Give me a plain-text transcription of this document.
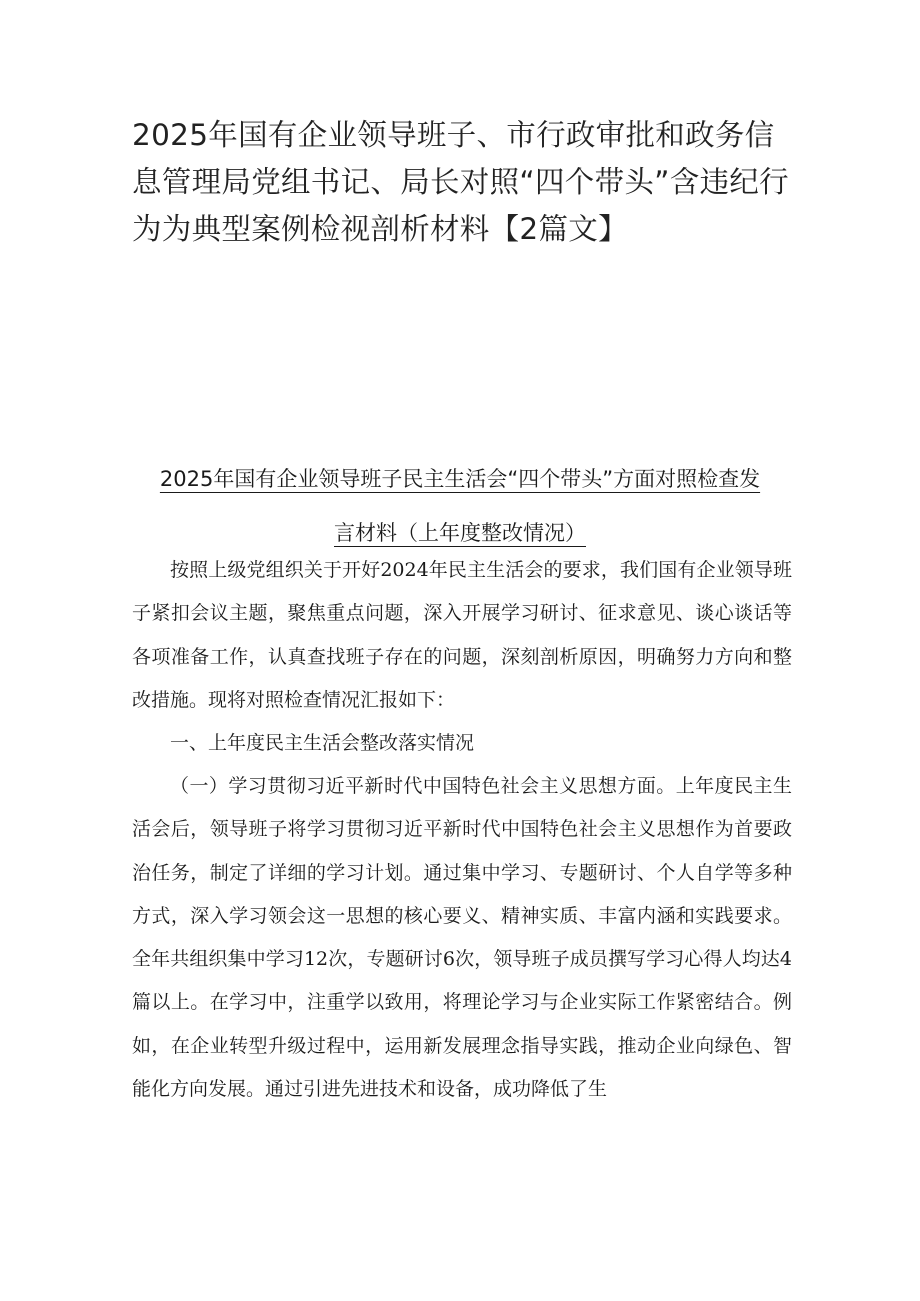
2025年国有企业领导班子、市行政审批和政务信息管理局党组书记、局长对照“四个带头”含违纪行为为典型案例检视剖析材料【2篇文】
2025年国有企业领导班子民主生活会“四个带头”方面对照检查发
言材料（上年度整改情况）

按照上级党组织关于开好2024年民主生活会的要求，我们国有企业领导班子紧扣会议主题，聚焦重点问题，深入开展学习研讨、征求意见、谈心谈话等各项准备工作，认真查找班子存在的问题，深刻剖析原因，明确努力方向和整改措施。现将对照检查情况汇报如下：

一、上年度民主生活会整改落实情况

（一）学习贯彻习近平新时代中国特色社会主义思想方面。上年度民主生活会后，领导班子将学习贯彻习近平新时代中国特色社会主义思想作为首要政治任务，制定了详细的学习计划。通过集中学习、专题研讨、个人自学等多种方式，深入学习领会这一思想的核心要义、精神实质、丰富内涵和实践要求。全年共组织集中学习12次，专题研讨6次，领导班子成员撰写学习心得人均达4篇以上。在学习中，注重学以致用，将理论学习与企业实际工作紧密结合。例如，在企业转型升级过程中，运用新发展理念指导实践，推动企业向绿色、智能化方向发展。通过引进先进技术和设备，成功降低了生
